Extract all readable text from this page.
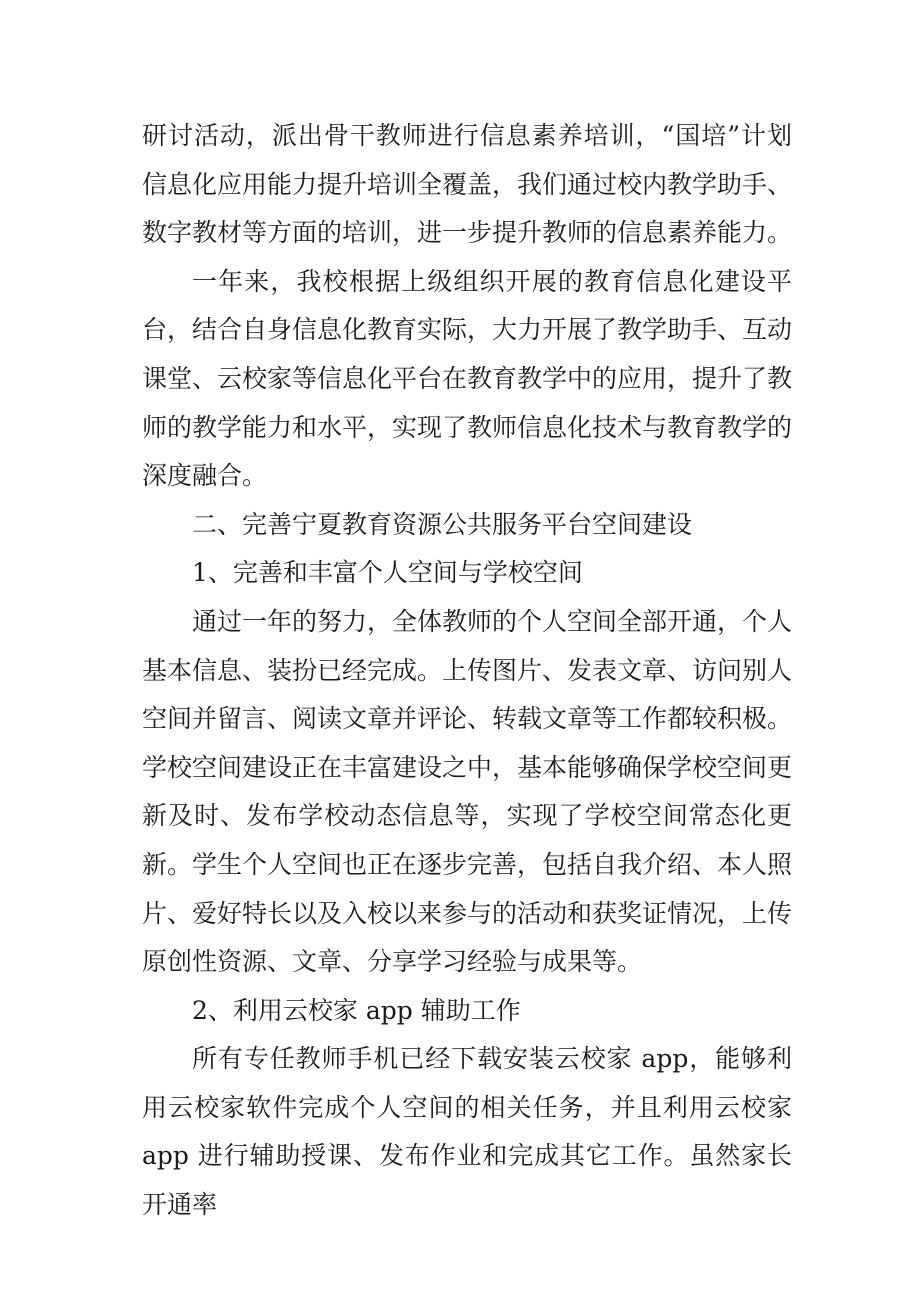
研讨活动，派出骨干教师进行信息素养培训，“国培”计划信息化应用能力提升培训全覆盖，我们通过校内教学助手、数字教材等方面的培训，进一步提升教师的信息素养能力。

一年来，我校根据上级组织开展的教育信息化建设平台，结合自身信息化教育实际，大力开展了教学助手、互动课堂、云校家等信息化平台在教育教学中的应用，提升了教师的教学能力和水平，实现了教师信息化技术与教育教学的深度融合。

二、完善宁夏教育资源公共服务平台空间建设

1、完善和丰富个人空间与学校空间

通过一年的努力，全体教师的个人空间全部开通，个人基本信息、装扮已经完成。上传图片、发表文章、访问别人空间并留言、阅读文章并评论、转载文章等工作都较积极。学校空间建设正在丰富建设之中，基本能够确保学校空间更新及时、发布学校动态信息等，实现了学校空间常态化更新。学生个人空间也正在逐步完善，包括自我介绍、本人照片、爱好特长以及入校以来参与的活动和获奖证情况，上传原创性资源、文章、分享学习经验与成果等。

2、利用云校家 app 辅助工作

所有专任教师手机已经下载安装云校家 app，能够利用云校家软件完成个人空间的相关任务，并且利用云校家 app 进行辅助授课、发布作业和完成其它工作。虽然家长开通率
